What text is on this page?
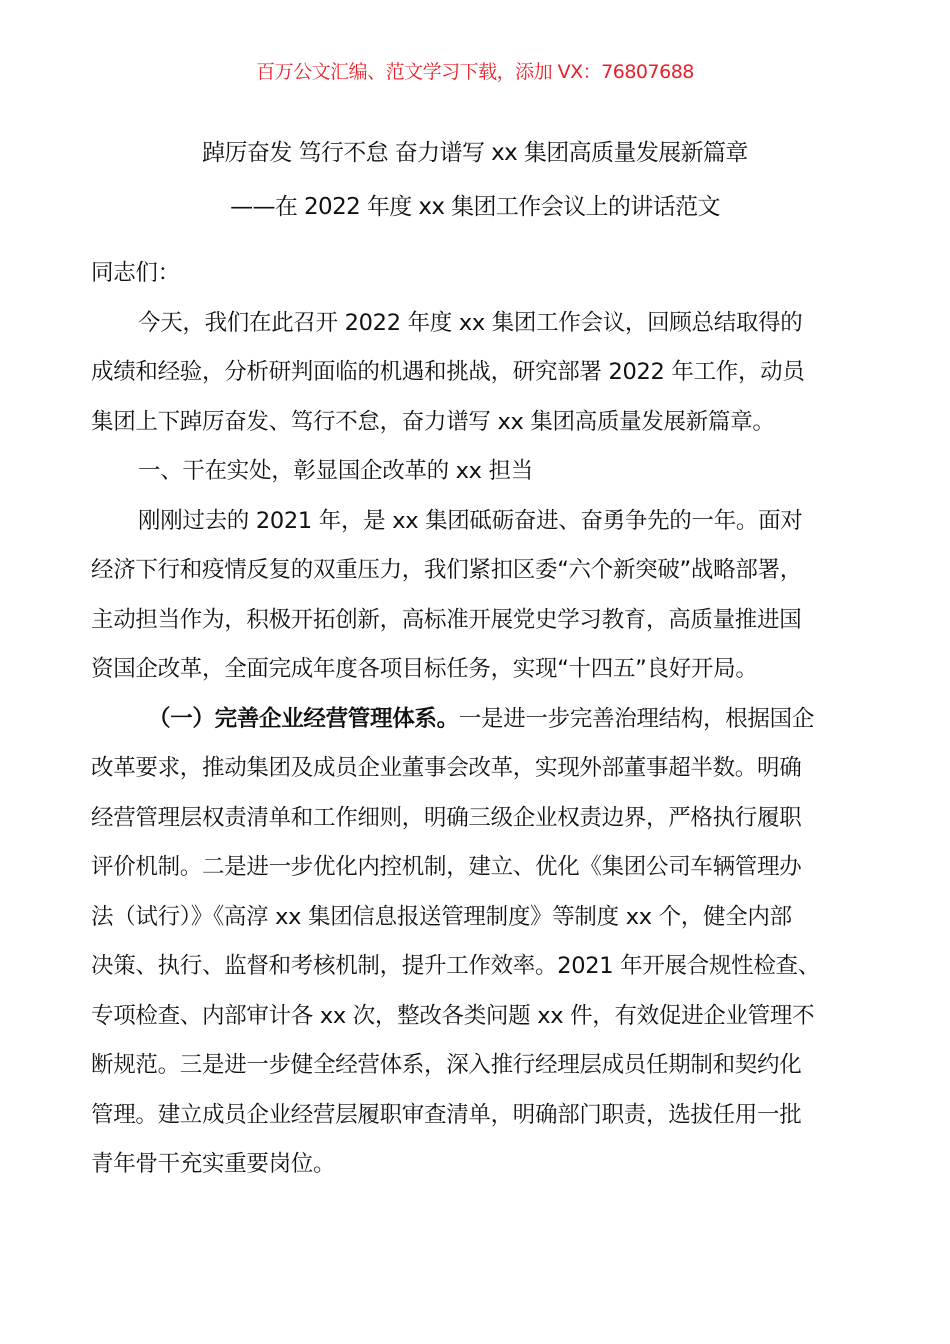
百万公文汇编、范文学习下载，添加 VX：76807688
踔厉奋发 笃行不怠 奋力谱写 xx 集团高质量发展新篇章
——在 2022 年度 xx 集团工作会议上的讲话范文
同志们：
今天，我们在此召开 2022 年度 xx 集团工作会议，回顾总结取得的
成绩和经验，分析研判面临的机遇和挑战，研究部署 2022 年工作，动员
集团上下踔厉奋发、笃行不怠，奋力谱写 xx 集团高质量发展新篇章。
一、干在实处，彰显国企改革的 xx 担当
刚刚过去的 2021 年，是 xx 集团砥砺奋进、奋勇争先的一年。面对
经济下行和疫情反复的双重压力，我们紧扣区委“六个新突破”战略部署，
主动担当作为，积极开拓创新，高标准开展党史学习教育，高质量推进国
资国企改革，全面完成年度各项目标任务，实现“十四五”良好开局。
（一）完善企业经营管理体系。一是进一步完善治理结构，根据国企
改革要求，推动集团及成员企业董事会改革，实现外部董事超半数。明确
经营管理层权责清单和工作细则，明确三级企业权责边界，严格执行履职
评价机制。二是进一步优化内控机制，建立、优化《集团公司车辆管理办
法（试行）》《高淳 xx 集团信息报送管理制度》等制度 xx 个，健全内部
决策、执行、监督和考核机制，提升工作效率。2021 年开展合规性检查、
专项检查、内部审计各 xx 次，整改各类问题 xx 件，有效促进企业管理不
断规范。三是进一步健全经营体系，深入推行经理层成员任期制和契约化
管理。建立成员企业经营层履职审查清单，明确部门职责，选拔任用一批
青年骨干充实重要岗位。
